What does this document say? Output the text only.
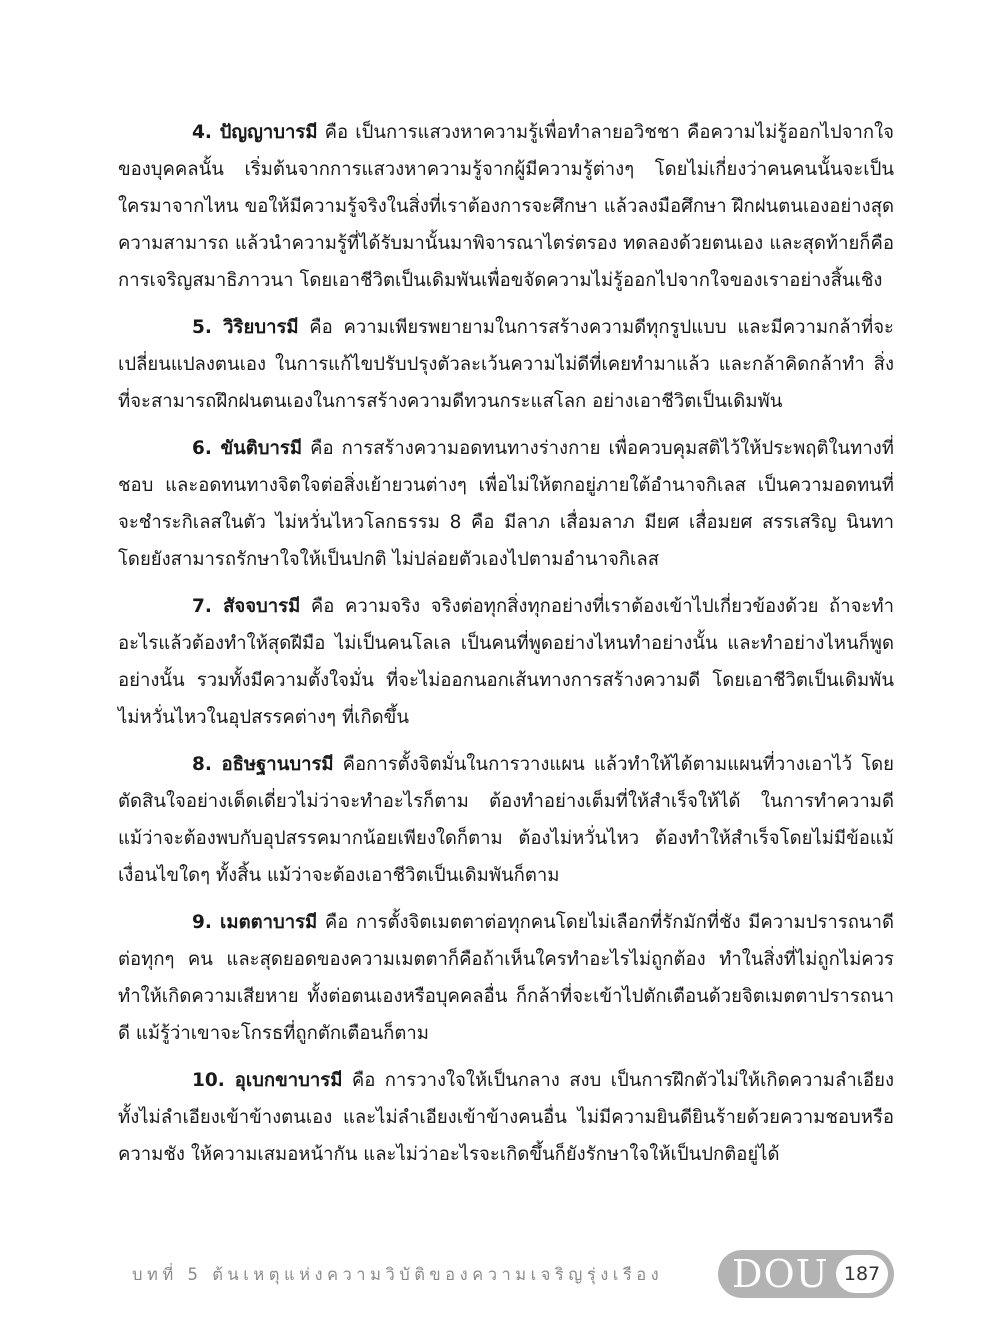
4. ปัญญาบารมี คือ เป็นการแสวงหาความรู้เพื่อทำลายอวิชชา คือความไม่รู้ออกไปจากใจของบุคคลนั้น เริ่มต้นจากการแสวงหาความรู้จากผู้มีความรู้ต่างๆ โดยไม่เกี่ยงว่าคนคนนั้นจะเป็นใครมาจากไหน ขอให้มีความรู้จริงในสิ่งที่เราต้องการจะศึกษา แล้วลงมือศึกษา ฝึกฝนตนเองอย่างสุดความสามารถ แล้วนำความรู้ที่ได้รับมานั้นมาพิจารณาไตร่ตรอง ทดลองด้วยตนเอง และสุดท้ายก็คือ การเจริญสมาธิภาวนา โดยเอาชีวิตเป็นเดิมพันเพื่อขจัดความไม่รู้ออกไปจากใจของเราอย่างสิ้นเชิง

5. วิริยบารมี คือ ความเพียรพยายามในการสร้างความดีทุกรูปแบบ และมีความกล้าที่จะเปลี่ยนแปลงตนเอง ในการแก้ไขปรับปรุงตัวละเว้นความไม่ดีที่เคยทำมาแล้ว และกล้าคิดกล้าทำ สิ่งที่จะสามารถฝึกฝนตนเองในการสร้างความดีทวนกระแสโลก อย่างเอาชีวิตเป็นเดิมพัน

6. ขันติบารมี คือ การสร้างความอดทนทางร่างกาย เพื่อควบคุมสติไว้ให้ประพฤติในทางที่ชอบ และอดทนทางจิตใจต่อสิ่งเย้ายวนต่างๆ เพื่อไม่ให้ตกอยู่ภายใต้อำนาจกิเลส เป็นความอดทนที่จะชำระกิเลสในตัว ไม่หวั่นไหวโลกธรรม 8 คือ มีลาภ เสื่อมลาภ มียศ เสื่อมยศ สรรเสริญ นินทา โดยยังสามารถรักษาใจให้เป็นปกติ ไม่ปล่อยตัวเองไปตามอำนาจกิเลส

7. สัจจบารมี คือ ความจริง จริงต่อทุกสิ่งทุกอย่างที่เราต้องเข้าไปเกี่ยวข้องด้วย ถ้าจะทำอะไรแล้วต้องทำให้สุดฝีมือ ไม่เป็นคนโลเล เป็นคนที่พูดอย่างไหนทำอย่างนั้น และทำอย่างไหนก็พูดอย่างนั้น รวมทั้งมีความตั้งใจมั่น ที่จะไม่ออกนอกเส้นทางการสร้างความดี โดยเอาชีวิตเป็นเดิมพัน ไม่หวั่นไหวในอุปสรรคต่างๆ ที่เกิดขึ้น

8. อธิษฐานบารมี คือการตั้งจิตมั่นในการวางแผน แล้วทำให้ได้ตามแผนที่วางเอาไว้ โดยตัดสินใจอย่างเด็ดเดี่ยวไม่ว่าจะทำอะไรก็ตาม ต้องทำอย่างเต็มที่ให้สำเร็จให้ได้ ในการทำความดีแม้ว่าจะต้องพบกับอุปสรรคมากน้อยเพียงใดก็ตาม ต้องไม่หวั่นไหว ต้องทำให้สำเร็จโดยไม่มีข้อแม้เงื่อนไขใดๆ ทั้งสิ้น แม้ว่าจะต้องเอาชีวิตเป็นเดิมพันก็ตาม

9. เมตตาบารมี คือ การตั้งจิตเมตตาต่อทุกคนโดยไม่เลือกที่รักมักที่ชัง มีความปรารถนาดีต่อทุกๆ คน และสุดยอดของความเมตตาก็คือถ้าเห็นใครทำอะไรไม่ถูกต้อง ทำในสิ่งที่ไม่ถูกไม่ควร ทำให้เกิดความเสียหาย ทั้งต่อตนเองหรือบุคคลอื่น ก็กล้าที่จะเข้าไปตักเตือนด้วยจิตเมตตาปรารถนาดี แม้รู้ว่าเขาจะโกรธที่ถูกตักเตือนก็ตาม

10. อุเบกขาบารมี คือ การวางใจให้เป็นกลาง สงบ เป็นการฝึกตัวไม่ให้เกิดความลำเอียง ทั้งไม่ลำเอียงเข้าข้างตนเอง และไม่ลำเอียงเข้าข้างคนอื่น ไม่มีความยินดียินร้ายด้วยความชอบหรือความชัง ให้ความเสมอหน้ากัน และไม่ว่าอะไรจะเกิดขึ้นก็ยังรักษาใจให้เป็นปกติอยู่ได้

บทที่ 5 ต้นเหตุแห่งความวิบัติของความเจริญรุ่งเรือง DOU 187
